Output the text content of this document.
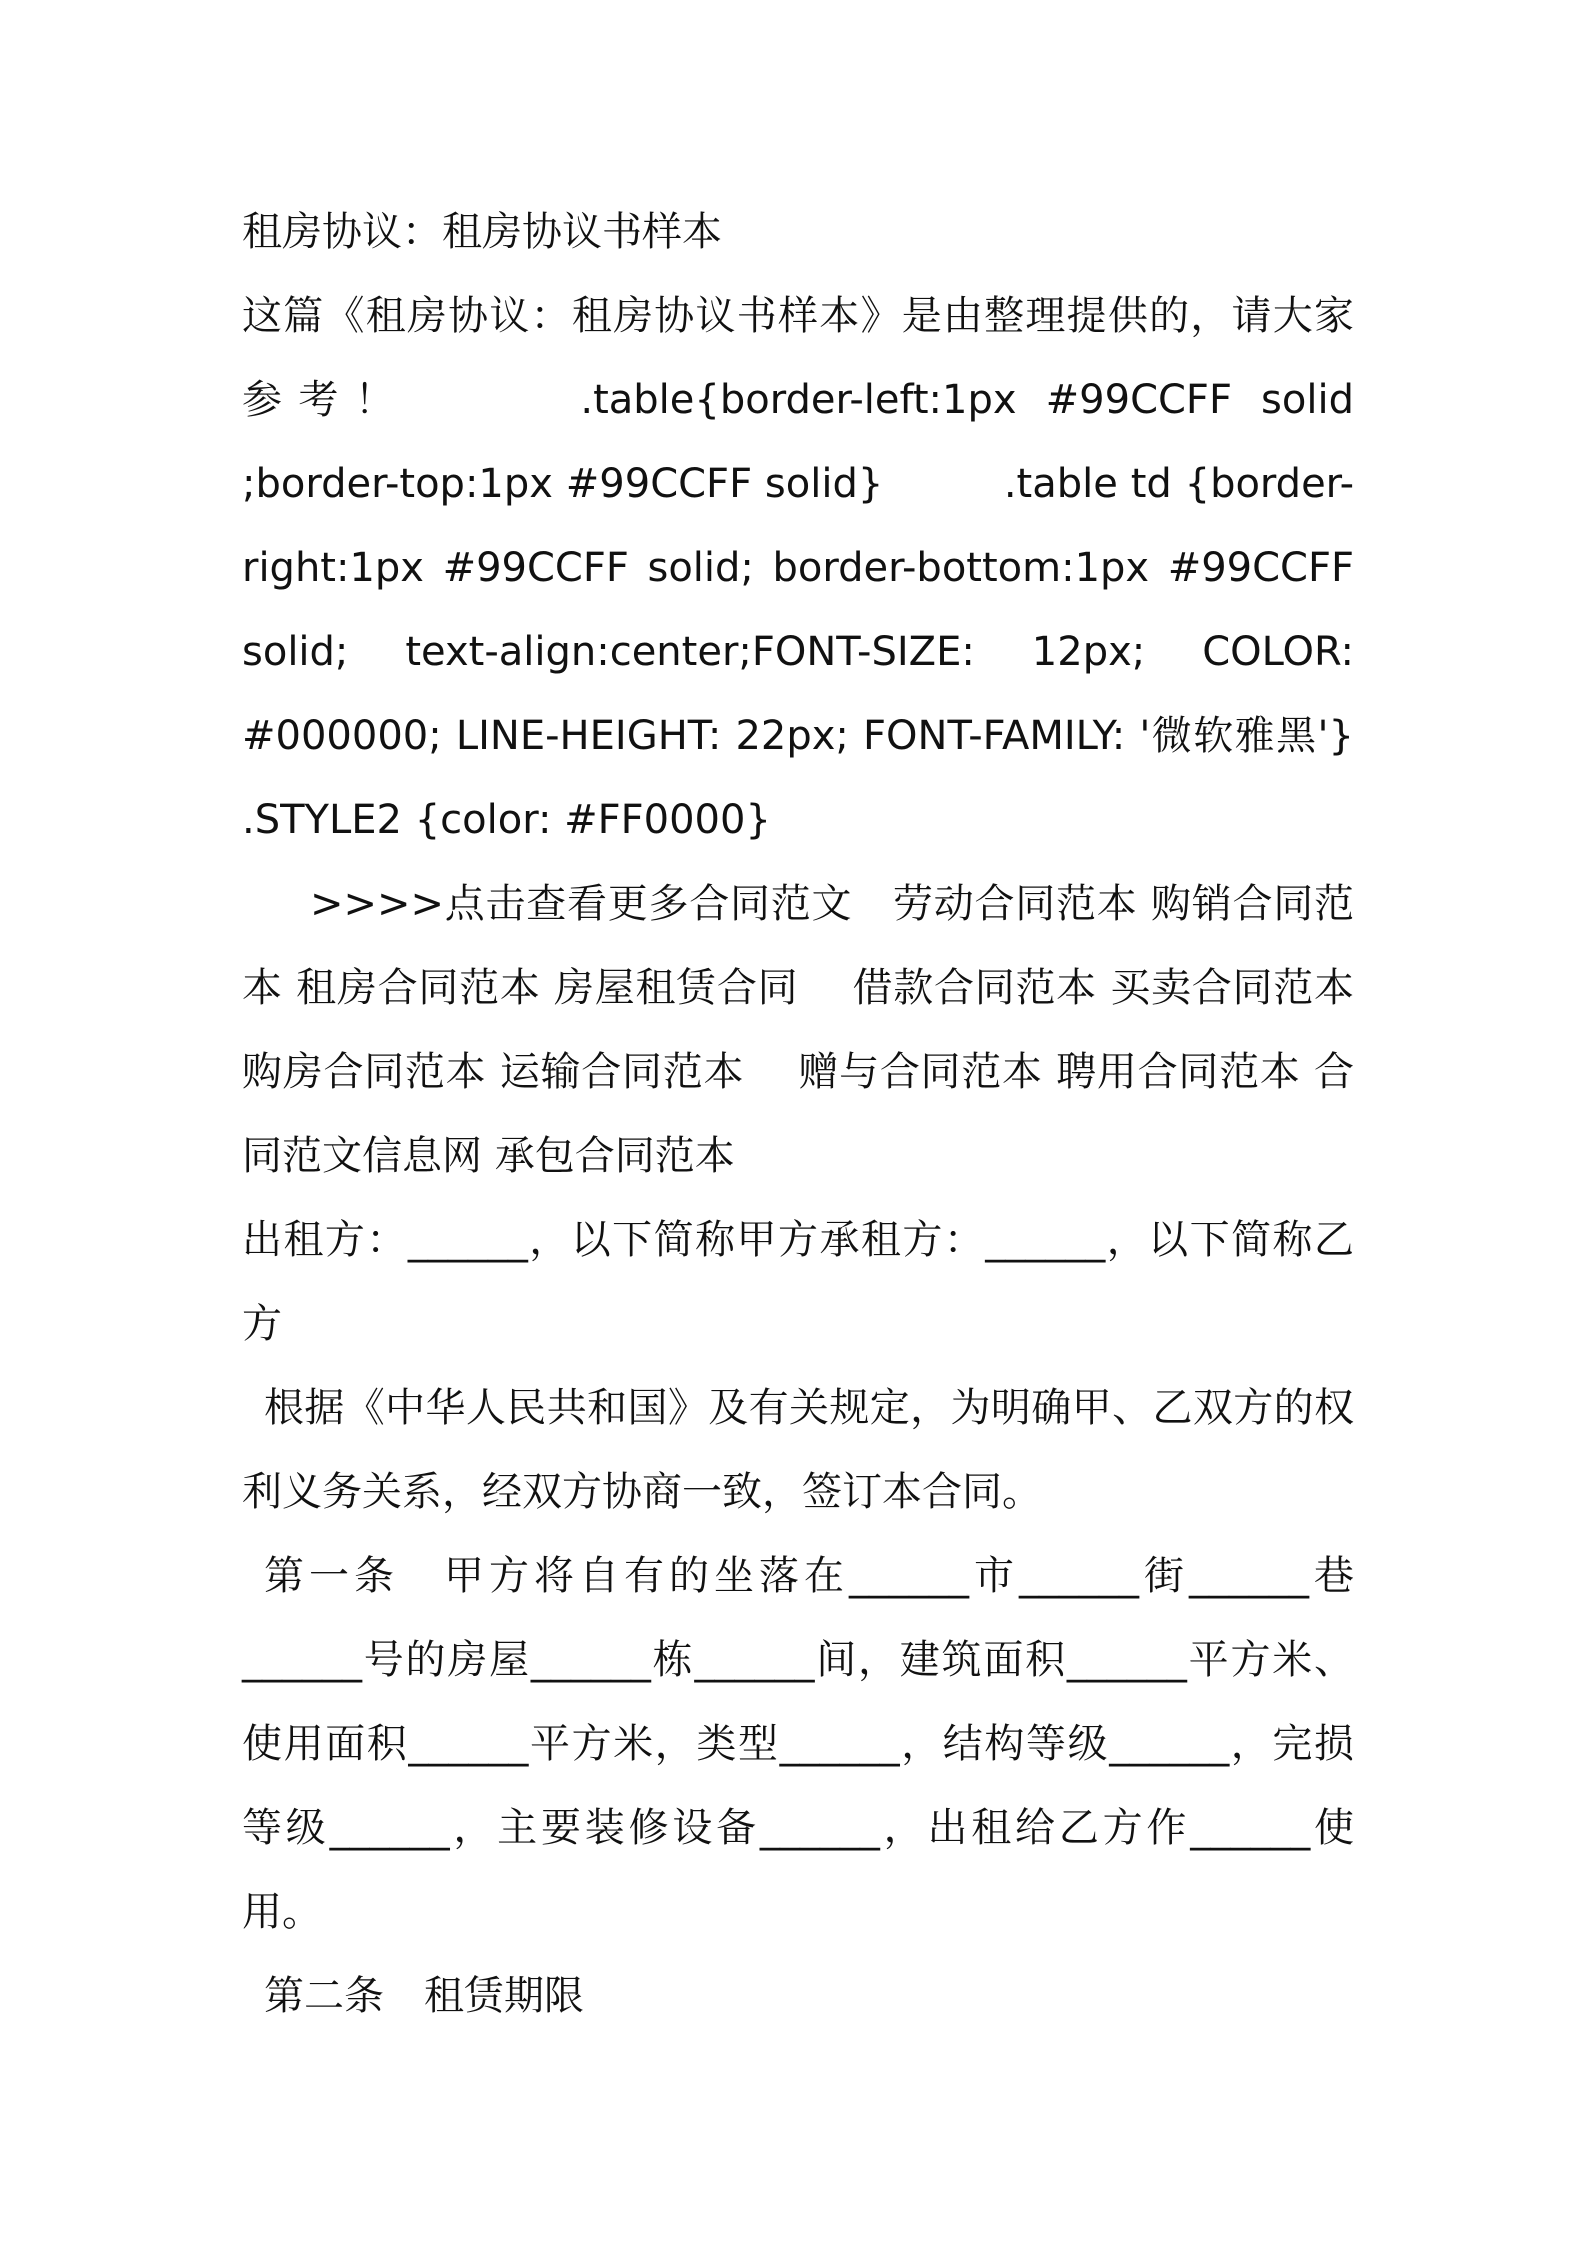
租房协议：租房协议书样本

这篇《租房协议：租房协议书样本》是由整理提供的，请大家参考！　　　.table{border-left:1px #99CCFF solid ;border-top:1px #99CCFF solid}　　　.table td {border-right:1px #99CCFF solid; border-bottom:1px #99CCFF solid; text-align:center;FONT-SIZE: 12px; COLOR: #000000; LINE-HEIGHT: 22px; FONT-FAMILY: '微软雅黑'}　 .STYLE2 {color: #FF0000}

>>>>点击查看更多合同范文　劳动合同范本 购销合同范本 租房合同范本 房屋租赁合同　 借款合同范本 买卖合同范本 购房合同范本 运输合同范本　 赠与合同范本 聘用合同范本 合同范文信息网 承包合同范本

出租方：______，以下简称甲方承租方：______，以下简称乙方

根据《中华人民共和国》及有关规定，为明确甲、乙双方的权利义务关系，经双方协商一致，签订本合同。

第一条　甲方将自有的坐落在______市______街______巷______号的房屋______栋______间，建筑面积______平方米、使用面积______平方米，类型______，结构等级______，完损等级______，主要装修设备______，出租给乙方作______使用。

第二条　租赁期限
